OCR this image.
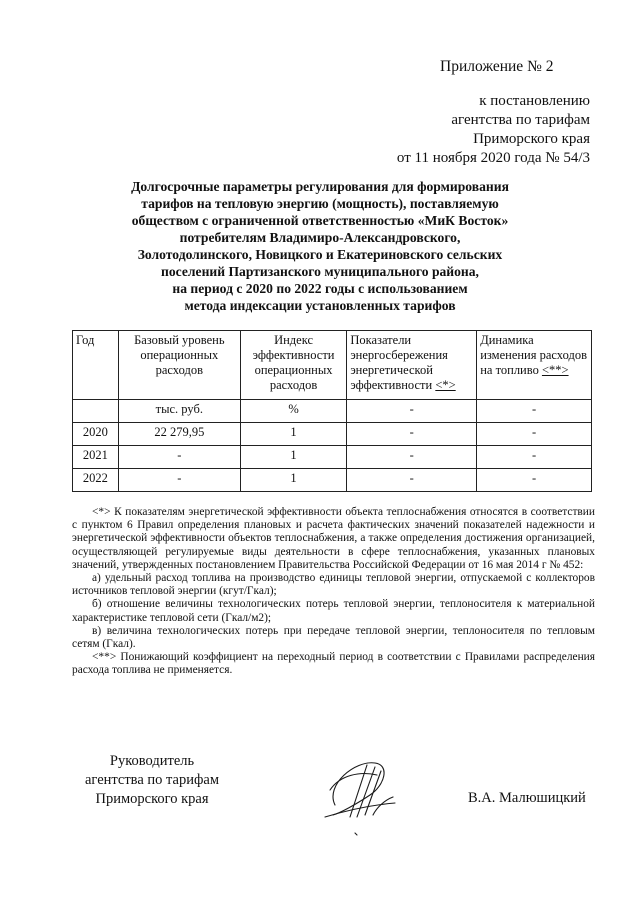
Приложение № 2
к постановлению
агентства по тарифам
Приморского края
от 11 ноября 2020 года № 54/3
Долгосрочные параметры регулирования для формирования
тарифов на тепловую энергию (мощность), поставляемую
обществом с ограниченной ответственностью «МиК Восток»
потребителям Владимиро-Александровского,
Золотодолинского, Новицкого и Екатериновского сельских
поселений Партизанского муниципального района,
на период с 2020 по 2022 годы с использованием
метода индексации установленных тарифов
Год	Базовый уровень операционных расходов	Индекс эффективности операционных расходов	Показатели энергосбережения энергетической эффективности <*>	Динамика изменения расходов на топливо <**>
	тыс. руб.	%	-	-
2020	22 279,95	1	-	-
2021	-	1	-	-
2022	-	1	-	-

<*> К показателям энергетической эффективности объекта теплоснабжения относятся в соответствии с пунктом 6 Правил определения плановых и расчета фактических значений показателей надежности и энергетической эффективности объектов теплоснабжения, а также определения достижения организацией, осуществляющей регулируемые виды деятельности в сфере теплоснабжения, указанных плановых значений, утвержденных постановлением Правительства Российской Федерации от 16 мая 2014 г № 452:

а) удельный расход топлива на производство единицы тепловой энергии, отпускаемой с коллекторов источников тепловой энергии (кгут/Гкал);

б) отношение величины технологических потерь тепловой энергии, теплоносителя к материальной характеристике тепловой сети (Гкал/м2);

в) величина технологических потерь при передаче тепловой энергии, теплоносителя по тепловым сетям (Гкал).

<**> Понижающий коэффициент на переходный период в соответствии с Правилами распределения расхода топлива не применяется.

Руководитель
агентства по тарифам
Приморского края	В.А. Малюшицкий
